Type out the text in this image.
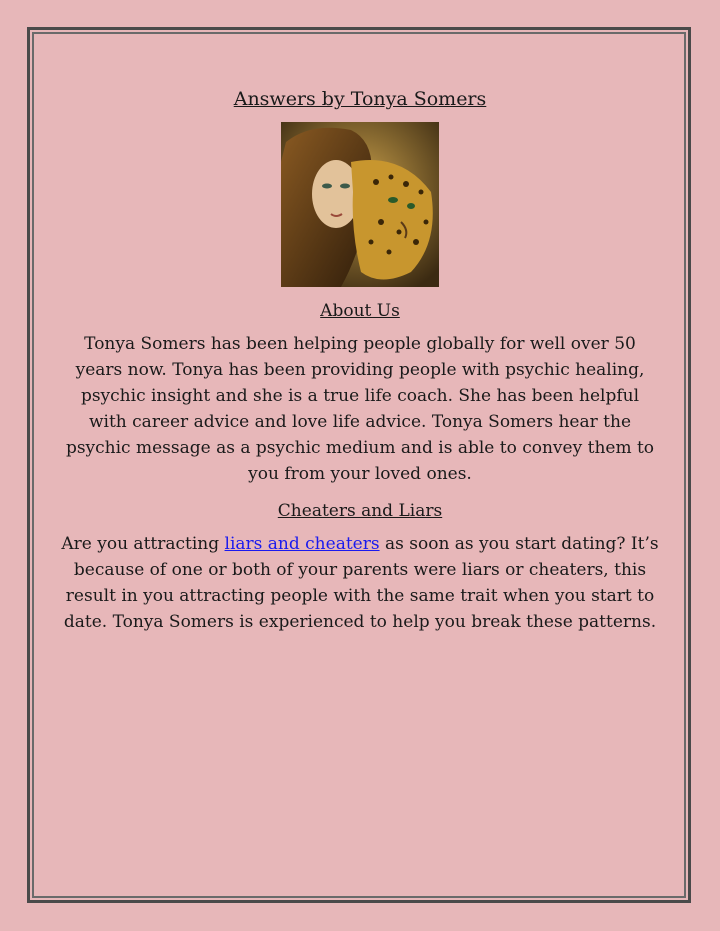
Answers by Tonya Somers
About Us

Tonya Somers has been helping people globally for well over 50 years now. Tonya has been providing people with psychic healing, psychic insight and she is a true life coach. She has been helpful with career advice and love life advice. Tonya Somers hear the psychic message as a psychic medium and is able to convey them to you from your loved ones.

Cheaters and Liars

Are you attracting liars and cheaters as soon as you start dating? It’s because of one or both of your parents were liars or cheaters, this result in you attracting people with the same trait when you start to date. Tonya Somers is experienced to help you break these patterns.
